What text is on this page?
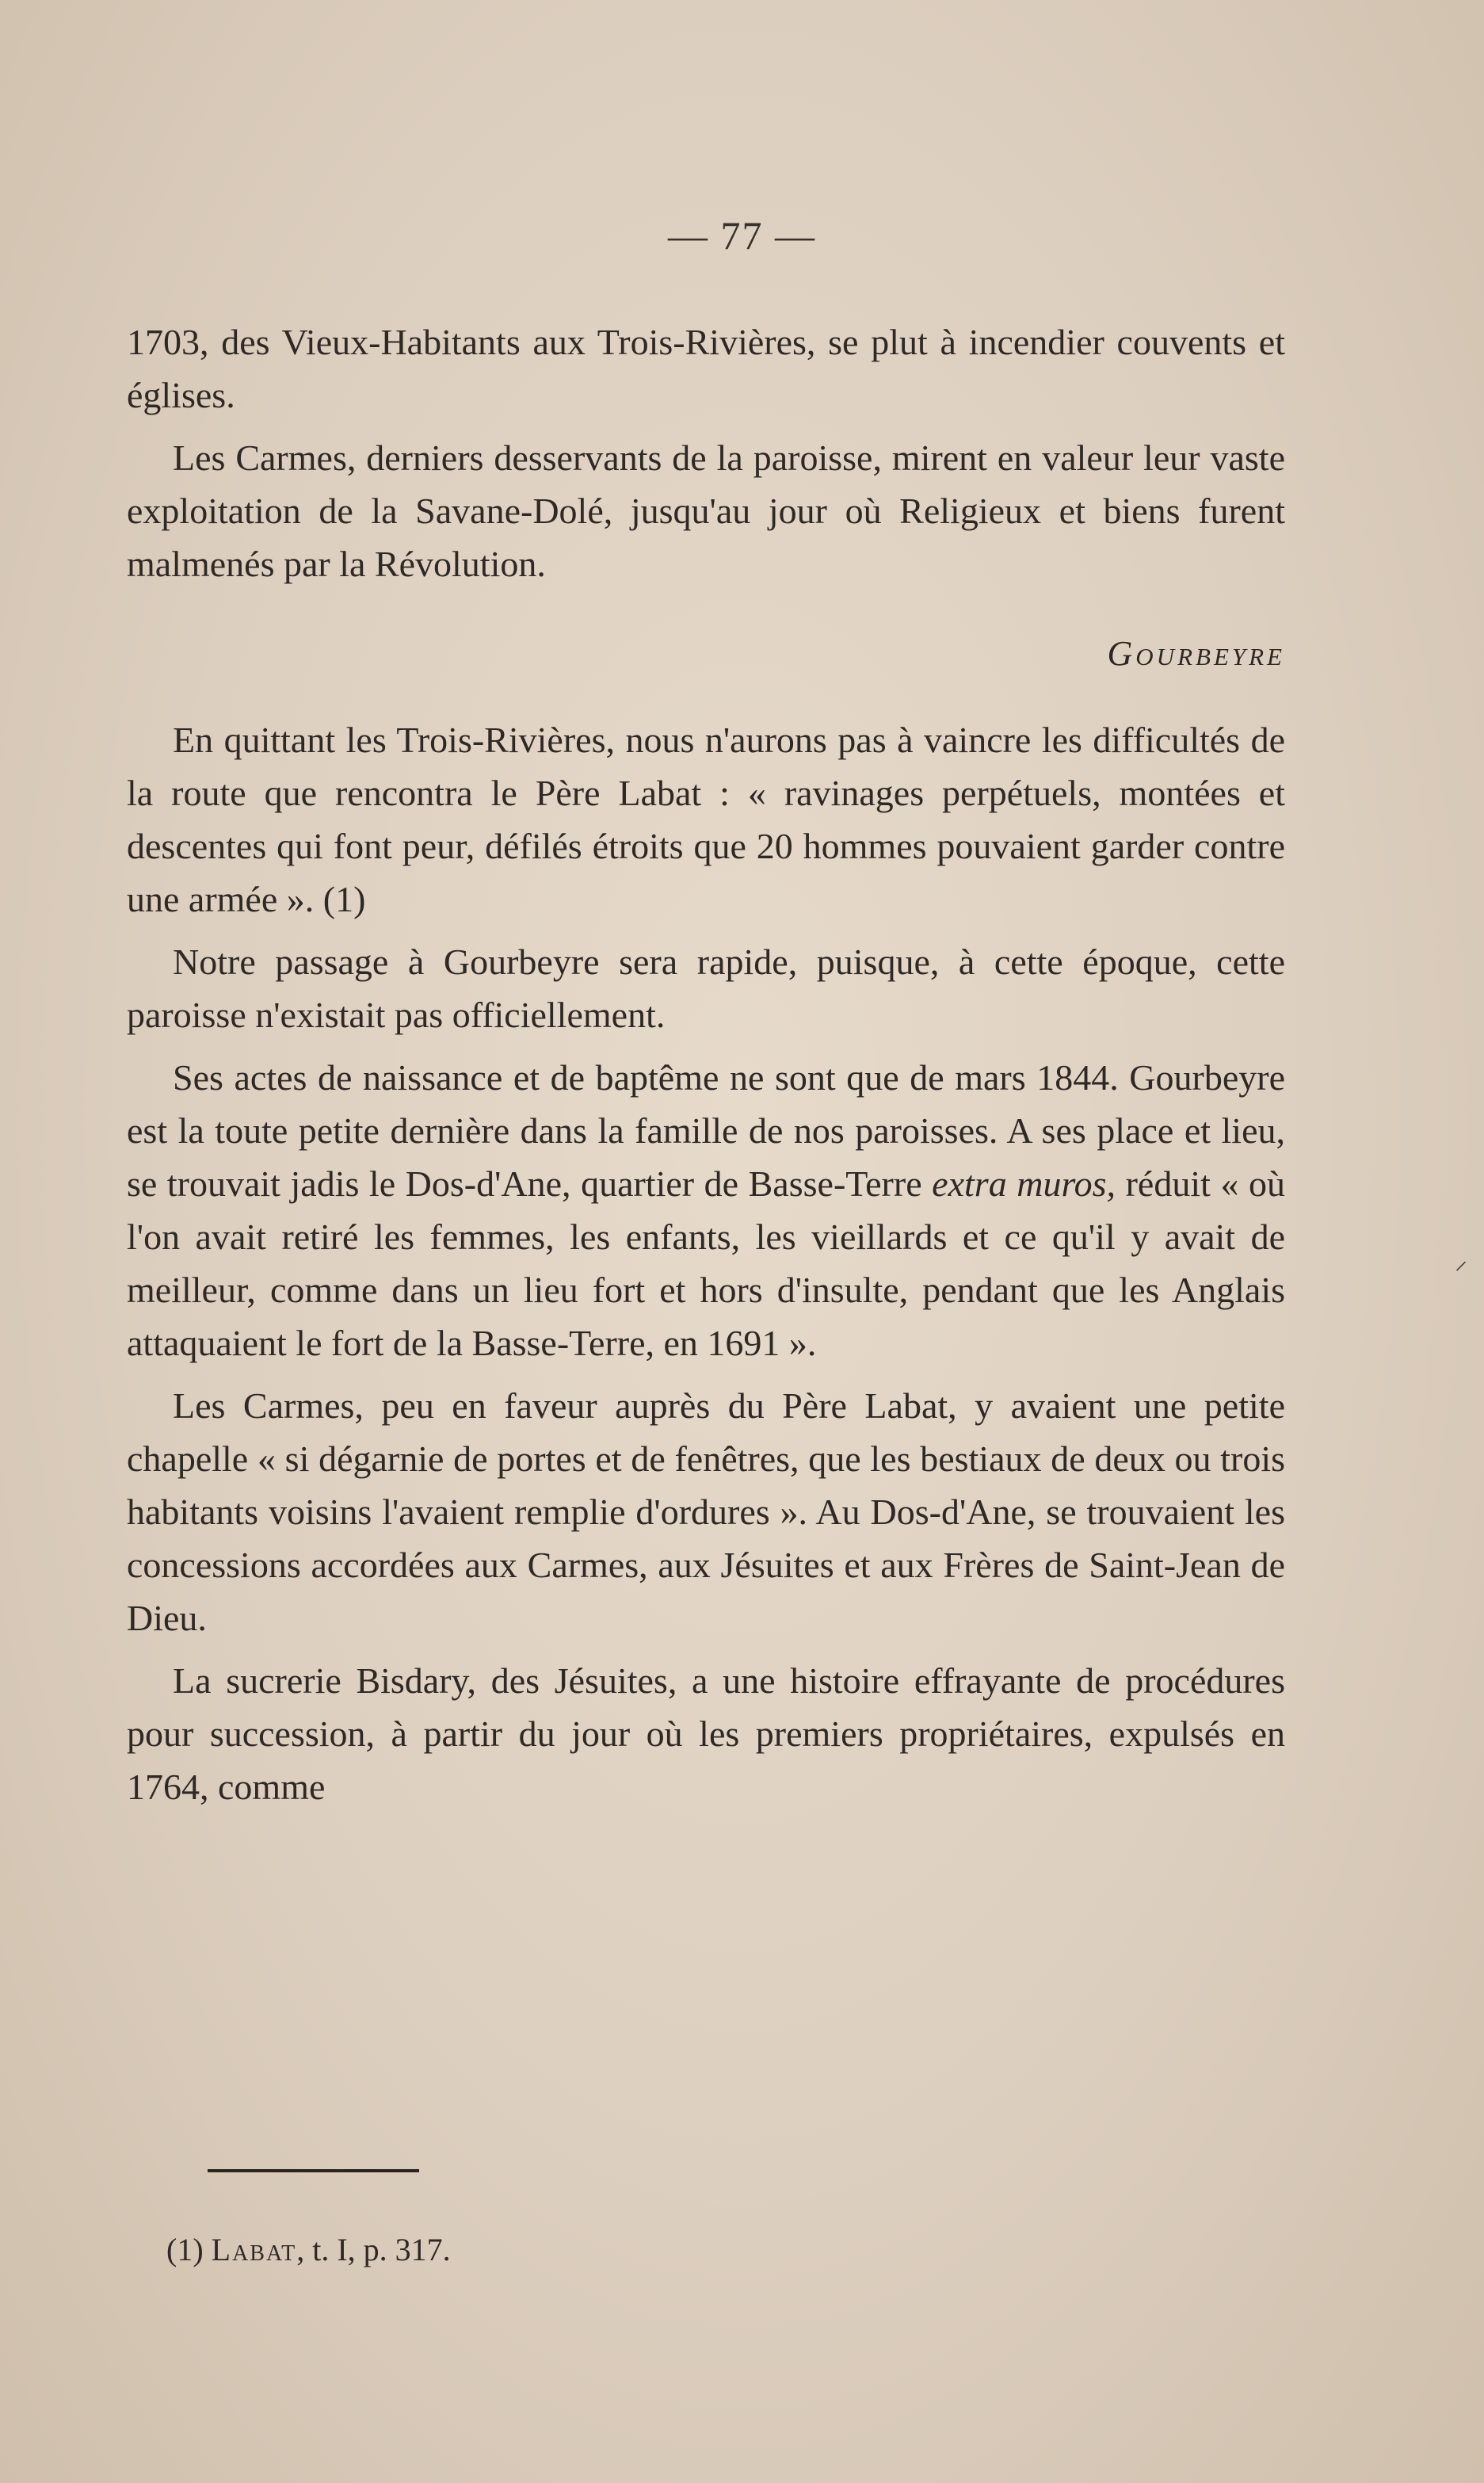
— 77 —

1703, des Vieux-Habitants aux Trois-Rivières, se plut à incendier couvents et églises.

Les Carmes, derniers desservants de la paroisse, mirent en valeur leur vaste exploitation de la Savane-Dolé, jusqu'au jour où Religieux et biens furent malmenés par la Révolution.

Gourbeyre

En quittant les Trois-Rivières, nous n'aurons pas à vaincre les difficultés de la route que rencontra le Père Labat : « ravinages perpétuels, montées et descentes qui font peur, défilés étroits que 20 hommes pouvaient garder contre une armée ». (1)

Notre passage à Gourbeyre sera rapide, puisque, à cette époque, cette paroisse n'existait pas officiellement.

Ses actes de naissance et de baptême ne sont que de mars 1844. Gourbeyre est la toute petite dernière dans la famille de nos paroisses. A ses place et lieu, se trouvait jadis le Dos-d'Ane, quartier de Basse-Terre extra muros, réduit « où l'on avait retiré les femmes, les enfants, les vieillards et ce qu'il y avait de meilleur, comme dans un lieu fort et hors d'insulte, pendant que les Anglais attaquaient le fort de la Basse-Terre, en 1691 ».

Les Carmes, peu en faveur auprès du Père Labat, y avaient une petite chapelle « si dégarnie de portes et de fenêtres, que les bestiaux de deux ou trois habitants voisins l'avaient remplie d'ordures ». Au Dos-d'Ane, se trouvaient les concessions accordées aux Carmes, aux Jésuites et aux Frères de Saint-Jean de Dieu.

La sucrerie Bisdary, des Jésuites, a une histoire effrayante de procédures pour succession, à partir du jour où les premiers propriétaires, expulsés en 1764, comme

⸝
(1) Labat, t. I, p. 317.
